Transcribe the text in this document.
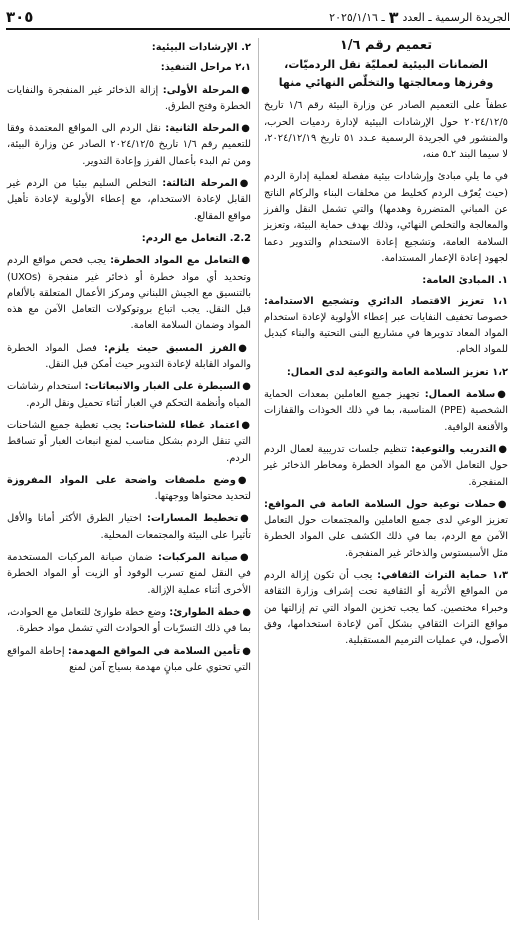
الجريدة الرسمية ـ العدد
٣
ـ ٢٠٢٥/١/١٦
٣٠٥
تعميم رقم ١/٦
الضمانات البيئية لعمليّة نقل الردميّات، وفرزها ومعالجتها والتخلّص النهائي منها

عطفاً على التعميم الصادر عن وزارة البيئة رقم ١/٦ تاريخ ٢٠٢٤/١٢/٥ حول الإرشادات البيئية لإدارة ردميات الحرب، والمنشور في الجريدة الرسمية عـدد ٥١ تاريخ ٢٠٢٤/١٢/١٩، لا سيما البند ٢ـ٥ منه،

في ما يلي مبادئ وإرشادات بيئية مفصلة لعملية إدارة الردم (حيث يُعرّف الردم كخليط من مخلفات البناء والركام الناتج عن المباني المتضررة وهدمها) والتي تشمل النقل والفرز والمعالجة والتخلص النهائي، وذلك بهدف حماية البيئة، وتعزيز السلامة العامة، وتشجيع إعادة الاستخدام والتدوير دعما لجهود إعادة الإعمار المستدامة.

١. المبادئ العامة:

١،١ تعزيز الاقتصاد الدائري وتشجيع الاستدامة: خصوصا تخفيف النفايات عبر إعطاء الأولوية لإعادة استخدام المواد المعاد تدويرها في مشاريع البنى التحتية والبناء كبديل للمواد الخام.

١،٢ تعزيز السلامة العامة والتوعية لدى العمال:

●سلامة العمال: تجهيز جميع العاملين بمعدات الحماية الشخصية (PPE) المناسبة، بما في ذلك الخوذات والقفازات والأقنعة الواقية.
●التدريب والتوعية: تنظيم جلسات تدريبية لعمال الردم حول التعامل الآمن مع المواد الخطرة ومخاطر الذخائر غير المنفجرة.
●حملات توعية حول السلامة العامة في المواقع: تعزيز الوعي لدى جميع العاملين والمجتمعات حول التعامل الآمن مع الردم، بما في ذلك الكشف على المواد الخطرة مثل الأسبستوس والذخائر غير المنفجرة.

١،٣ حماية التراث الثقافي: يجب أن تكون إزالة الردم من المواقع الأثرية أو الثقافية تحت إشراف وزارة الثقافة وخبراء مختصين. كما يجب تخزين المواد التي تم إزالتها من مواقع التراث الثقافي بشكل آمن لإعادة استخدامها، وفق الأصول، في عمليات الترميم المستقبلية.

٢. الإرشادات البيئية:

٢،١ مراحل التنفيذ:

●المرحلة الأولى: إزالة الذخائر غير المنفجرة والنفايات الخطرة وفتح الطرق.
●المرحلة الثانية: نقل الردم الى المواقع المعتمدة وفقا للتعميم رقم ١/٦ تاريخ ٢٠٢٤/١٢/٥ الصادر عن وزارة البيئة، ومن ثم البدء بأعمال الفرز وإعادة التدوير.
●المرحلة الثالثة: التخلص السليم بيئيا من الردم غير القابل لإعادة الاستخدام، مع إعطاء الأولوية لإعادة تأهيل مواقع المقالع.

2.2. التعامل مع الردم:

●التعامل مع المواد الخطرة: يجب فحص مواقع الردم وتحديد أي مواد خطرة أو ذخائر غير منفجرة (UXOs) بالتنسيق مع الجيش اللبناني ومركز الأعمال المتعلقة بالألغام قبل النقل. يجب اتباع بروتوكولات التعامل الآمن مع هذه المواد وضمان السلامة العامة.
●الفرز المسبق حيث يلزم: فصل المواد الخطرة والمواد القابلة لإعادة التدوير حيث أمكن قبل النقل.
●السيطرة على الغبار والانبعاثات: استخدام رشاشات المياه وأنظمة التحكم في الغبار أثناء تحميل ونقل الردم.
●اعتماد غطاء للشاحنات: يجب تغطية جميع الشاحنات التي تنقل الردم بشكل مناسب لمنع انبعاث الغبار أو تساقط الردم.
●وضع ملصقات واضحة على المواد المفروزة لتحديد محتواها ووجهتها.
●تخطيط المسارات: اختيار الطرق الأكثر أمانا والأقل تأثيرا على البيئة والمجتمعات المحلية.
●صيانة المركبات: ضمان صيانة المركبات المستخدمة في النقل لمنع تسرب الوقود أو الزيت أو المواد الخطرة الأخرى أثناء عملية الإزالة.
●خطة الطوارئ: وضع خطة طوارئ للتعامل مع الحوادث، بما في ذلك التسرّبات أو الحوادث التي تشمل مواد خطرة.
●تأمين السلامة في المواقع المهدمة: إحاطة المواقع التي تحتوي على مبانٍ مهدمة بسياج آمن لمنع
